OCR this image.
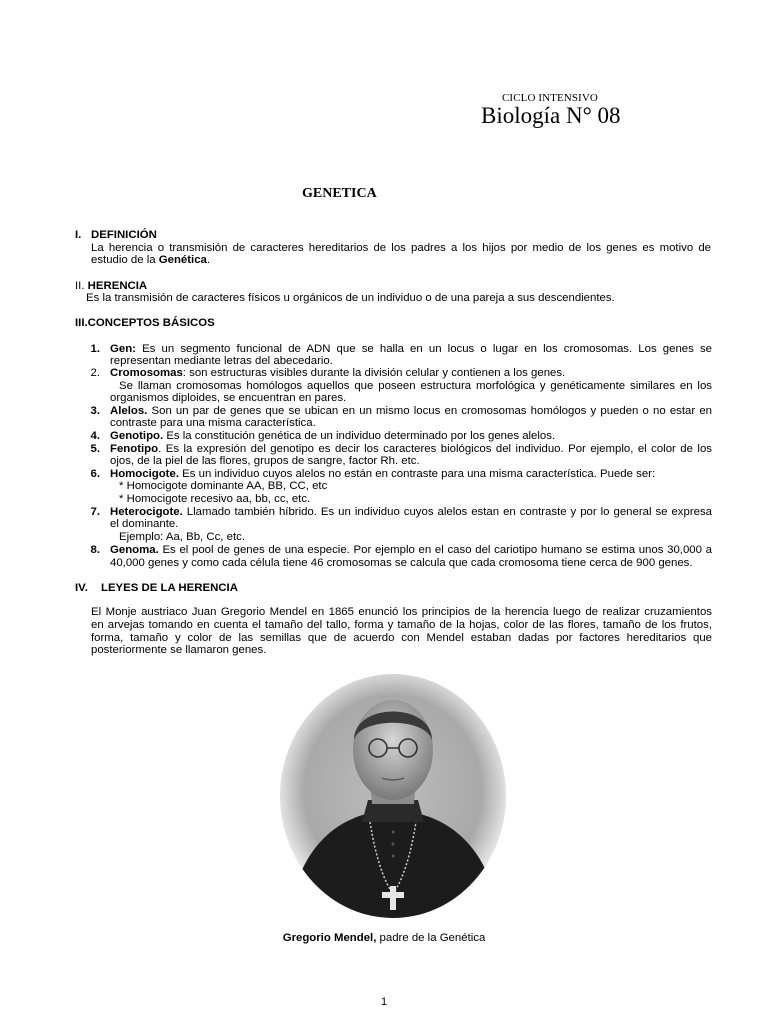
CICLO INTENSIVO
Biología N° 08
GENETICA
I. DEFINICIÓN
La herencia o transmisión de caracteres hereditarios de los padres a los hijos por medio de los genes es motivo de
estudio de la Genética.
II. HERENCIA
Es la transmisión de caracteres físicos u orgánicos de un individuo o de una pareja a sus descendientes.
III.CONCEPTOS BÁSICOS
1. Gen: Es un segmento funcional de ADN que se halla en un locus o lugar en los cromosomas. Los genes se
representan mediante letras del abecedario.
2. Cromosomas: son estructuras visibles durante la división celular y contienen a los genes.
Se llaman cromosomas homólogos aquellos que poseen estructura morfológica y genéticamente similares en los
organismos diploides, se encuentran en pares.
3. Alelos. Son un par de genes que se ubican en un mismo locus en cromosomas homólogos y pueden o no estar en
contraste para una misma característica.
4. Genotipo. Es la constitución genética de un individuo determinado por los genes alelos.
5. Fenotipo. Es la expresión del genotipo es decir los caracteres biológicos del individuo. Por ejemplo, el color de los
ojos, de la piel de las flores, grupos de sangre, factor Rh. etc.
6. Homocigote. Es un individuo cuyos alelos no están en contraste para una misma característica. Puede ser:
* Homocigote dominante AA, BB, CC, etc
* Homocigote recesivo aa, bb, cc, etc.
7. Heterocigote. Llamado también híbrido. Es un individuo cuyos alelos estan en contraste y por lo general se expresa
el dominante.
Ejemplo: Aa, Bb, Cc, etc.
8. Genoma. Es el pool de genes de una especie. Por ejemplo en el caso del cariotipo humano se estima unos 30,000 a
40,000 genes y como cada célula tiene 46 cromosomas se calcula que cada cromosoma tiene cerca de 900 genes.
IV. LEYES DE LA HERENCIA
El Monje austriaco Juan Gregorio Mendel en 1865 enunció los principios de la herencia luego de realizar cruzamientos
en arvejas tomando en cuenta el tamaño del tallo, forma y tamaño de la hojas, color de las flores, tamaño de los frutos,
forma, tamaño y color de las semillas que de acuerdo con Mendel estaban dadas por factores hereditarios que
posteriormente se llamaron genes.
Gregorio Mendel, padre de la Genética
1
